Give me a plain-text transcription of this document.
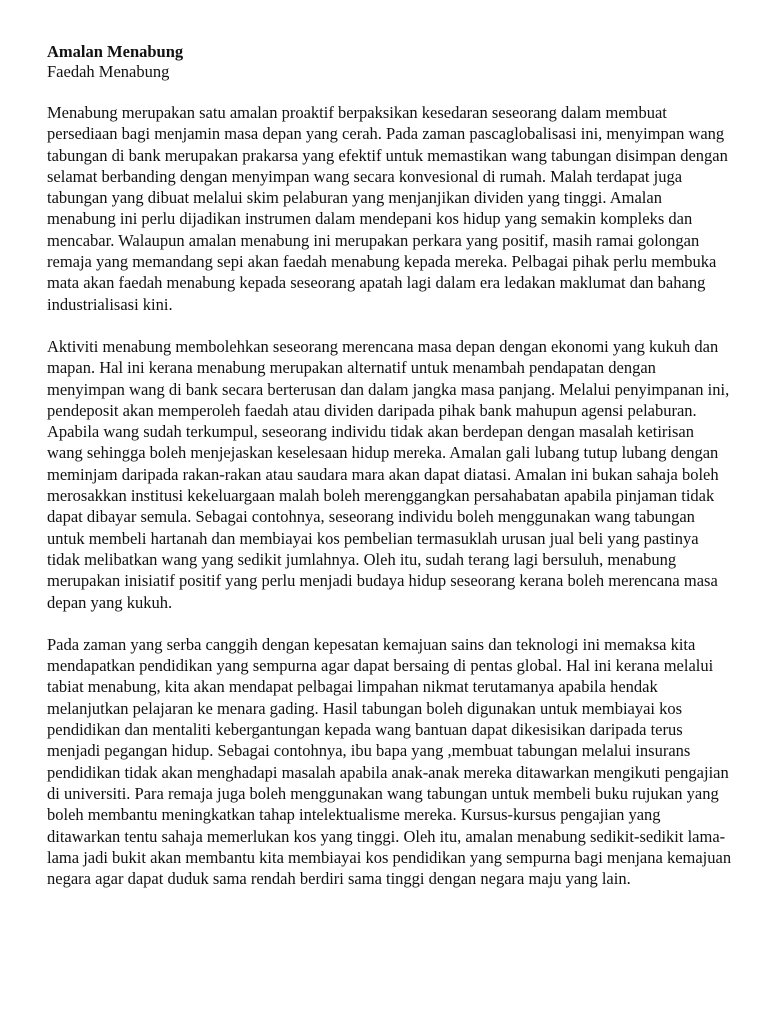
Amalan Menabung

Faedah Menabung

Menabung merupakan satu amalan proaktif berpaksikan kesedaran seseorang dalam membuat persediaan bagi menjamin masa depan yang cerah. Pada zaman pascaglobalisasi ini, menyimpan wang tabungan di bank merupakan prakarsa yang efektif untuk memastikan wang tabungan disimpan dengan selamat berbanding dengan menyimpan wang secara konvesional di rumah. Malah terdapat juga tabungan yang dibuat melalui skim pelaburan yang menjanjikan dividen yang tinggi. Amalan menabung ini perlu dijadikan instrumen dalam mendepani kos hidup yang semakin kompleks dan mencabar. Walaupun amalan menabung ini merupakan perkara yang positif, masih ramai golongan remaja yang memandang sepi akan faedah menabung kepada mereka. Pelbagai pihak perlu membuka mata akan faedah menabung kepada seseorang apatah lagi dalam era ledakan maklumat dan bahang industrialisasi kini.

Aktiviti menabung membolehkan seseorang merencana masa depan dengan ekonomi yang kukuh dan mapan. Hal ini kerana menabung merupakan alternatif untuk menambah pendapatan dengan menyimpan wang di bank secara berterusan dan dalam jangka masa panjang. Melalui penyimpanan ini, pendeposit akan memperoleh faedah atau dividen daripada pihak bank mahupun agensi pelaburan. Apabila wang sudah terkumpul, seseorang individu tidak akan berdepan dengan masalah ketirisan wang sehingga boleh menjejaskan keselesaan hidup mereka. Amalan gali lubang tutup lubang dengan meminjam daripada rakan-rakan atau saudara mara akan dapat diatasi. Amalan ini bukan sahaja boleh merosakkan institusi kekeluargaan malah boleh merenggangkan persahabatan apabila pinjaman tidak dapat dibayar semula. Sebagai contohnya, seseorang individu boleh menggunakan wang tabungan untuk membeli hartanah dan membiayai kos pembelian termasuklah urusan jual beli yang pastinya tidak melibatkan wang yang sedikit jumlahnya. Oleh itu, sudah terang lagi bersuluh, menabung merupakan inisiatif positif yang perlu menjadi budaya hidup seseorang kerana boleh merencana masa depan yang kukuh.

Pada zaman yang serba canggih dengan kepesatan kemajuan sains dan teknologi ini memaksa kita mendapatkan pendidikan yang sempurna agar dapat bersaing di pentas global. Hal ini kerana melalui tabiat menabung, kita akan mendapat pelbagai limpahan nikmat terutamanya apabila hendak melanjutkan pelajaran ke menara gading. Hasil tabungan boleh digunakan untuk membiayai kos pendidikan dan mentaliti kebergantungan kepada wang bantuan dapat dikesisikan daripada terus menjadi pegangan hidup. Sebagai contohnya, ibu bapa yang ,membuat tabungan melalui insurans pendidikan tidak akan menghadapi masalah apabila anak-anak mereka ditawarkan mengikuti pengajian di universiti. Para remaja juga boleh menggunakan wang tabungan untuk membeli buku rujukan yang boleh membantu meningkatkan tahap intelektualisme mereka. Kursus-kursus pengajian yang ditawarkan tentu sahaja memerlukan kos yang tinggi. Oleh itu, amalan menabung sedikit-sedikit lama-lama jadi bukit akan membantu kita membiayai kos pendidikan yang sempurna bagi menjana kemajuan negara agar dapat duduk sama rendah berdiri sama tinggi dengan negara maju yang lain.
